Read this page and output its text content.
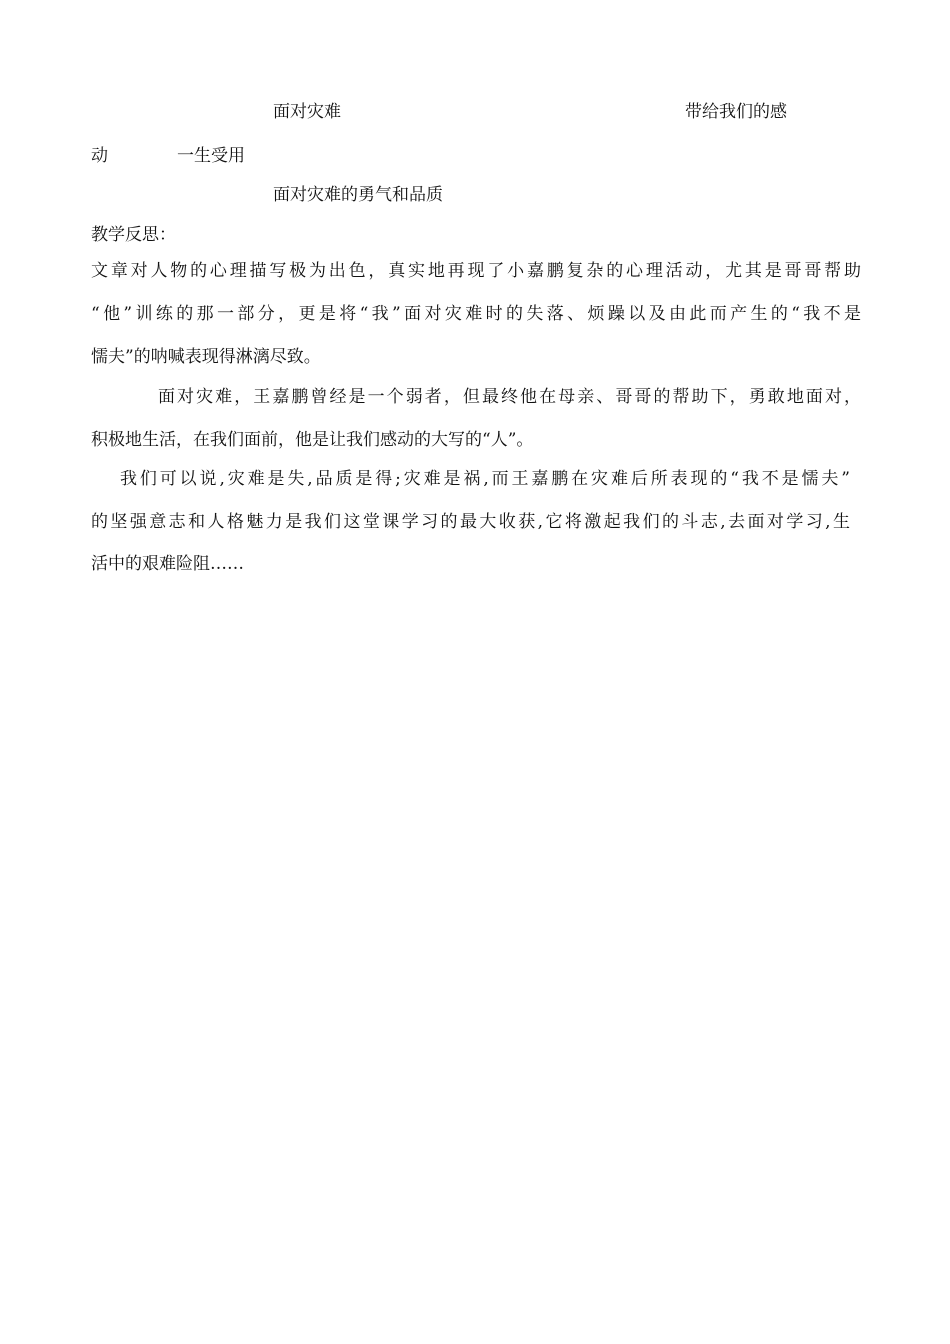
面对灾难	带给我们的感
动	一生受用
面对灾难的勇气和品质
教学反思：
文章对人物的心理描写极为出色，真实地再现了小嘉鹏复杂的心理活动，尤其是哥哥帮助
“他”训练的那一部分，更是将“我”面对灾难时的失落、烦躁以及由此而产生的“我不是
懦夫”的呐喊表现得淋漓尽致。
面对灾难，王嘉鹏曾经是一个弱者，但最终他在母亲、哥哥的帮助下，勇敢地面对，
积极地生活，在我们面前，他是让我们感动的大写的“人”。
我们可以说,灾难是失,品质是得;灾难是祸,而王嘉鹏在灾难后所表现的“我不是懦夫”
的坚强意志和人格魅力是我们这堂课学习的最大收获,它将激起我们的斗志,去面对学习,生
活中的艰难险阻……
